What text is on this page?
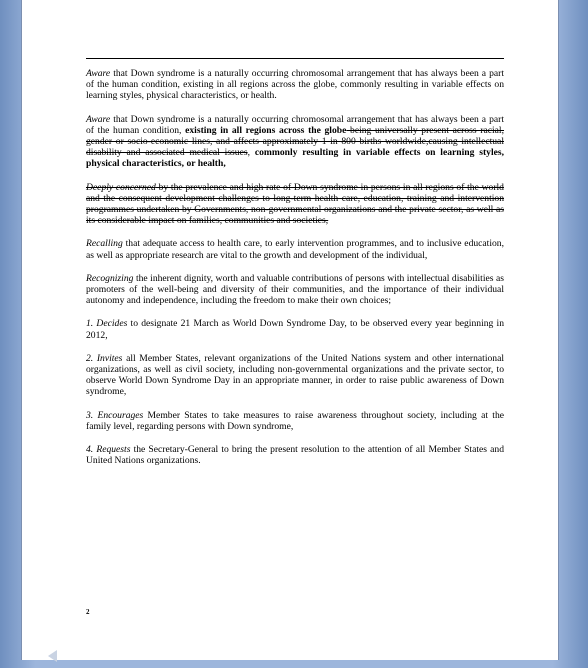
Aware that Down syndrome is a naturally occurring chromosomal arrangement that has always been a part of the human condition, existing in all regions across the globe, commonly resulting in variable effects on learning styles, physical characteristics, or health.

Aware that Down syndrome is a naturally occurring chromosomal arrangement that has always been a part of the human condition, existing in all regions across the globe being universally present across racial, gender or socio-economic lines, and affects approximately 1 in 800 births worldwide,causing intellectual disability and associated medical issues, commonly resulting in variable effects on learning styles, physical characteristics, or health,

Deeply concerned by the prevalence and high rate of Down syndrome in persons in all regions of the world and the consequent development challenges to long-term health care, education, training and intervention programmes undertaken by Governments, non-governmental organizations and the private sector, as well as its considerable impact on families, communities and societies,

Recalling that adequate access to health care, to early intervention programmes, and to inclusive education, as well as appropriate research are vital to the growth and development of the individual,

Recognizing the inherent dignity, worth and valuable contributions of persons with intellectual disabilities as promoters of the well-being and diversity of their communities, and the importance of their individual autonomy and independence, including the freedom to make their own choices;

1. Decides to designate 21 March as World Down Syndrome Day, to be observed every year beginning in 2012,

2. Invites all Member States, relevant organizations of the United Nations system and other international organizations, as well as civil society, including non-governmental organizations and the private sector, to observe World Down Syndrome Day in an appropriate manner, in order to raise public awareness of Down syndrome,

3. Encourages Member States to take measures to raise awareness throughout society, including at the family level, regarding persons with Down syndrome,

4. Requests the Secretary-General to bring the present resolution to the attention of all Member States and United Nations organizations.

2
